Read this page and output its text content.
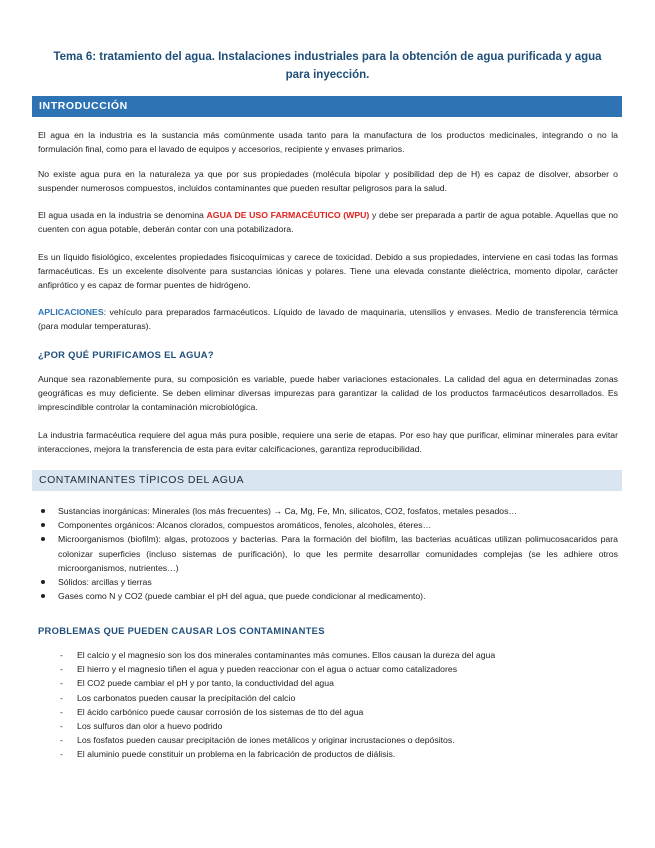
Tema 6: tratamiento del agua. Instalaciones industriales para la obtención de agua purificada y agua para inyección.
INTRODUCCIÓN

El agua en la industria es la sustancia más comúnmente usada tanto para la manufactura de los productos medicinales, integrando o no la formulación final, como para el lavado de equipos y accesorios, recipiente y envases primarios.

No existe agua pura en la naturaleza ya que por sus propiedades (molécula bipolar y posibilidad dep de H) es capaz de disolver, absorber o suspender numerosos compuestos, incluidos contaminantes que pueden resultar peligrosos para la salud.

El agua usada en la industria se denomina AGUA DE USO FARMACÉUTICO (WPU) y debe ser preparada a partir de agua potable. Aquellas que no cuenten con agua potable, deberán contar con una potabilizadora.

Es un líquido fisiológico, excelentes propiedades fisicoquímicas y carece de toxicidad. Debido a sus propiedades, interviene en casi todas las formas farmacéuticas. Es un excelente disolvente para sustancias iónicas y polares. Tiene una elevada constante dieléctrica, momento dipolar, carácter anfiprótico y es capaz de formar puentes de hidrógeno.

APLICACIONES: vehículo para preparados farmacéuticos. Líquido de lavado de maquinaria, utensilios y envases. Medio de transferencia térmica (para modular temperaturas).

¿POR QUÉ PURIFICAMOS EL AGUA?

Aunque sea razonablemente pura, su composición es variable, puede haber variaciones estacionales. La calidad del agua en determinadas zonas geográficas es muy deficiente. Se deben eliminar diversas impurezas para garantizar la calidad de los productos farmacéuticos desarrollados. Es imprescindible controlar la contaminación microbiológica.

La industria farmacéutica requiere del agua más pura posible, requiere una serie de etapas. Por eso hay que purificar, eliminar minerales para evitar interacciones, mejora la transferencia de esta para evitar calcificaciones, garantiza reproducibilidad.

CONTAMINANTES TÍPICOS DEL AGUA
Sustancias inorgánicas: Minerales (los más frecuentes) → Ca, Mg, Fe, Mn, silicatos, CO2, fosfatos, metales pesados…
Componentes orgánicos: Alcanos clorados, compuestos aromáticos, fenoles, alcoholes, éteres…
Microorganismos (biofilm): algas, protozoos y bacterias. Para la formación del biofilm, las bacterias acuáticas utilizan polimucosacaridos para colonizar superficies (incluso sistemas de purificación), lo que les permite desarrollar comunidades complejas (se les adhiere otros microorganismos, nutrientes…)
Sólidos: arcillas y tierras
Gases como N y CO2 (puede cambiar el pH del agua, que puede condicionar al medicamento).
PROBLEMAS QUE PUEDEN CAUSAR LOS CONTAMINANTES
- El calcio y el magnesio son los dos minerales contaminantes más comunes. Ellos causan la dureza del agua
- El hierro y el magnesio tiñen el agua y pueden reaccionar con el agua o actuar como catalizadores
- El CO2 puede cambiar el pH y por tanto, la conductividad del agua
- Los carbonatos pueden causar la precipitación del calcio
- El ácido carbónico puede causar corrosión de los sistemas de tto del agua
- Los sulfuros dan olor a huevo podrido
- Los fosfatos pueden causar precipitación de iones metálicos y originar incrustaciones o depósitos.
- El aluminio puede constituir un problema en la fabricación de productos de diálisis.
